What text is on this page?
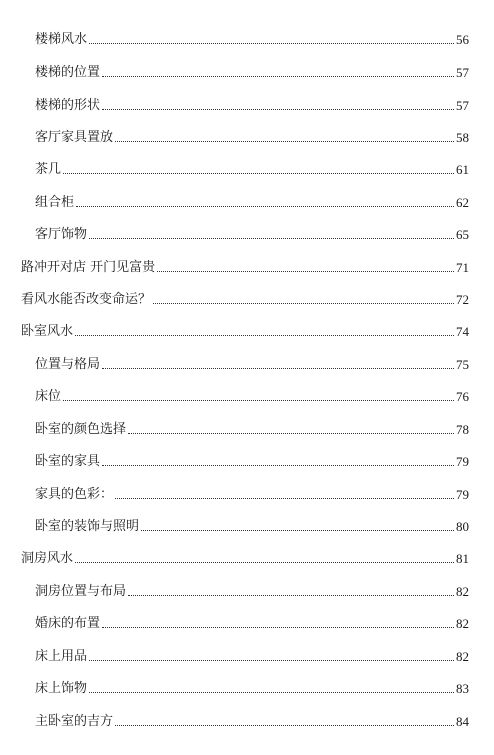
楼梯风水	56
楼梯的位置	57
楼梯的形状	57
客厅家具置放	58
茶几	61
组合柜	62
客厅饰物	65
路冲开对店 开门见富贵	71
看风水能否改变命运？	72
卧室风水	74
位置与格局	75
床位	76
卧室的颜色选择	78
卧室的家具	79
家具的色彩：	79
卧室的装饰与照明	80
洞房风水	81
洞房位置与布局	82
婚床的布置	82
床上用品	82
床上饰物	83
主卧室的吉方	84
